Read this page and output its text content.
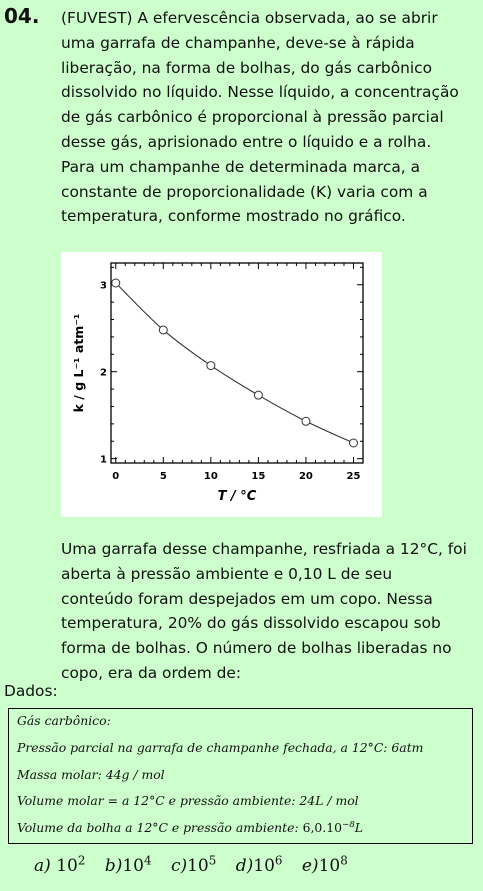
04. (FUVEST) A efervescência observada, ao se abrir
uma garrafa de champanhe, deve-se à rápida
liberação, na forma de bolhas, do gás carbônico
dissolvido no líquido. Nesse líquido, a concentração
de gás carbônico é proporcional à pressão parcial
desse gás, aprisionado entre o líquido e a rolha.
Para um champanhe de determinada marca, a
constante de proporcionalidade (K) varia com a
temperatura, conforme mostrado no gráfico.

0	5	10	15	20	25
1
2
3
T / °C
k / g L⁻¹ atm⁻¹

Uma garrafa desse champanhe, resfriada a 12°C, foi
aberta à pressão ambiente e 0,10 L de seu
conteúdo foram despejados em um copo. Nessa
temperatura, 20% do gás dissolvido escapou sob
forma de bolhas. O número de bolhas liberadas no
copo, era da ordem de:

Dados:
Gás carbônico:
Pressão parcial na garrafa de champanhe fechada, a 12°C: 6atm
Massa molar: 44g / mol
Volume molar = a 12°C e pressão ambiente: 24L / mol
Volume da bolha a 12°C e pressão ambiente: $6,0.10^{-8}L$
a) $10^2$ $b)10^4$ $c)10^5$ $d)10^6$ $e)10^8$
